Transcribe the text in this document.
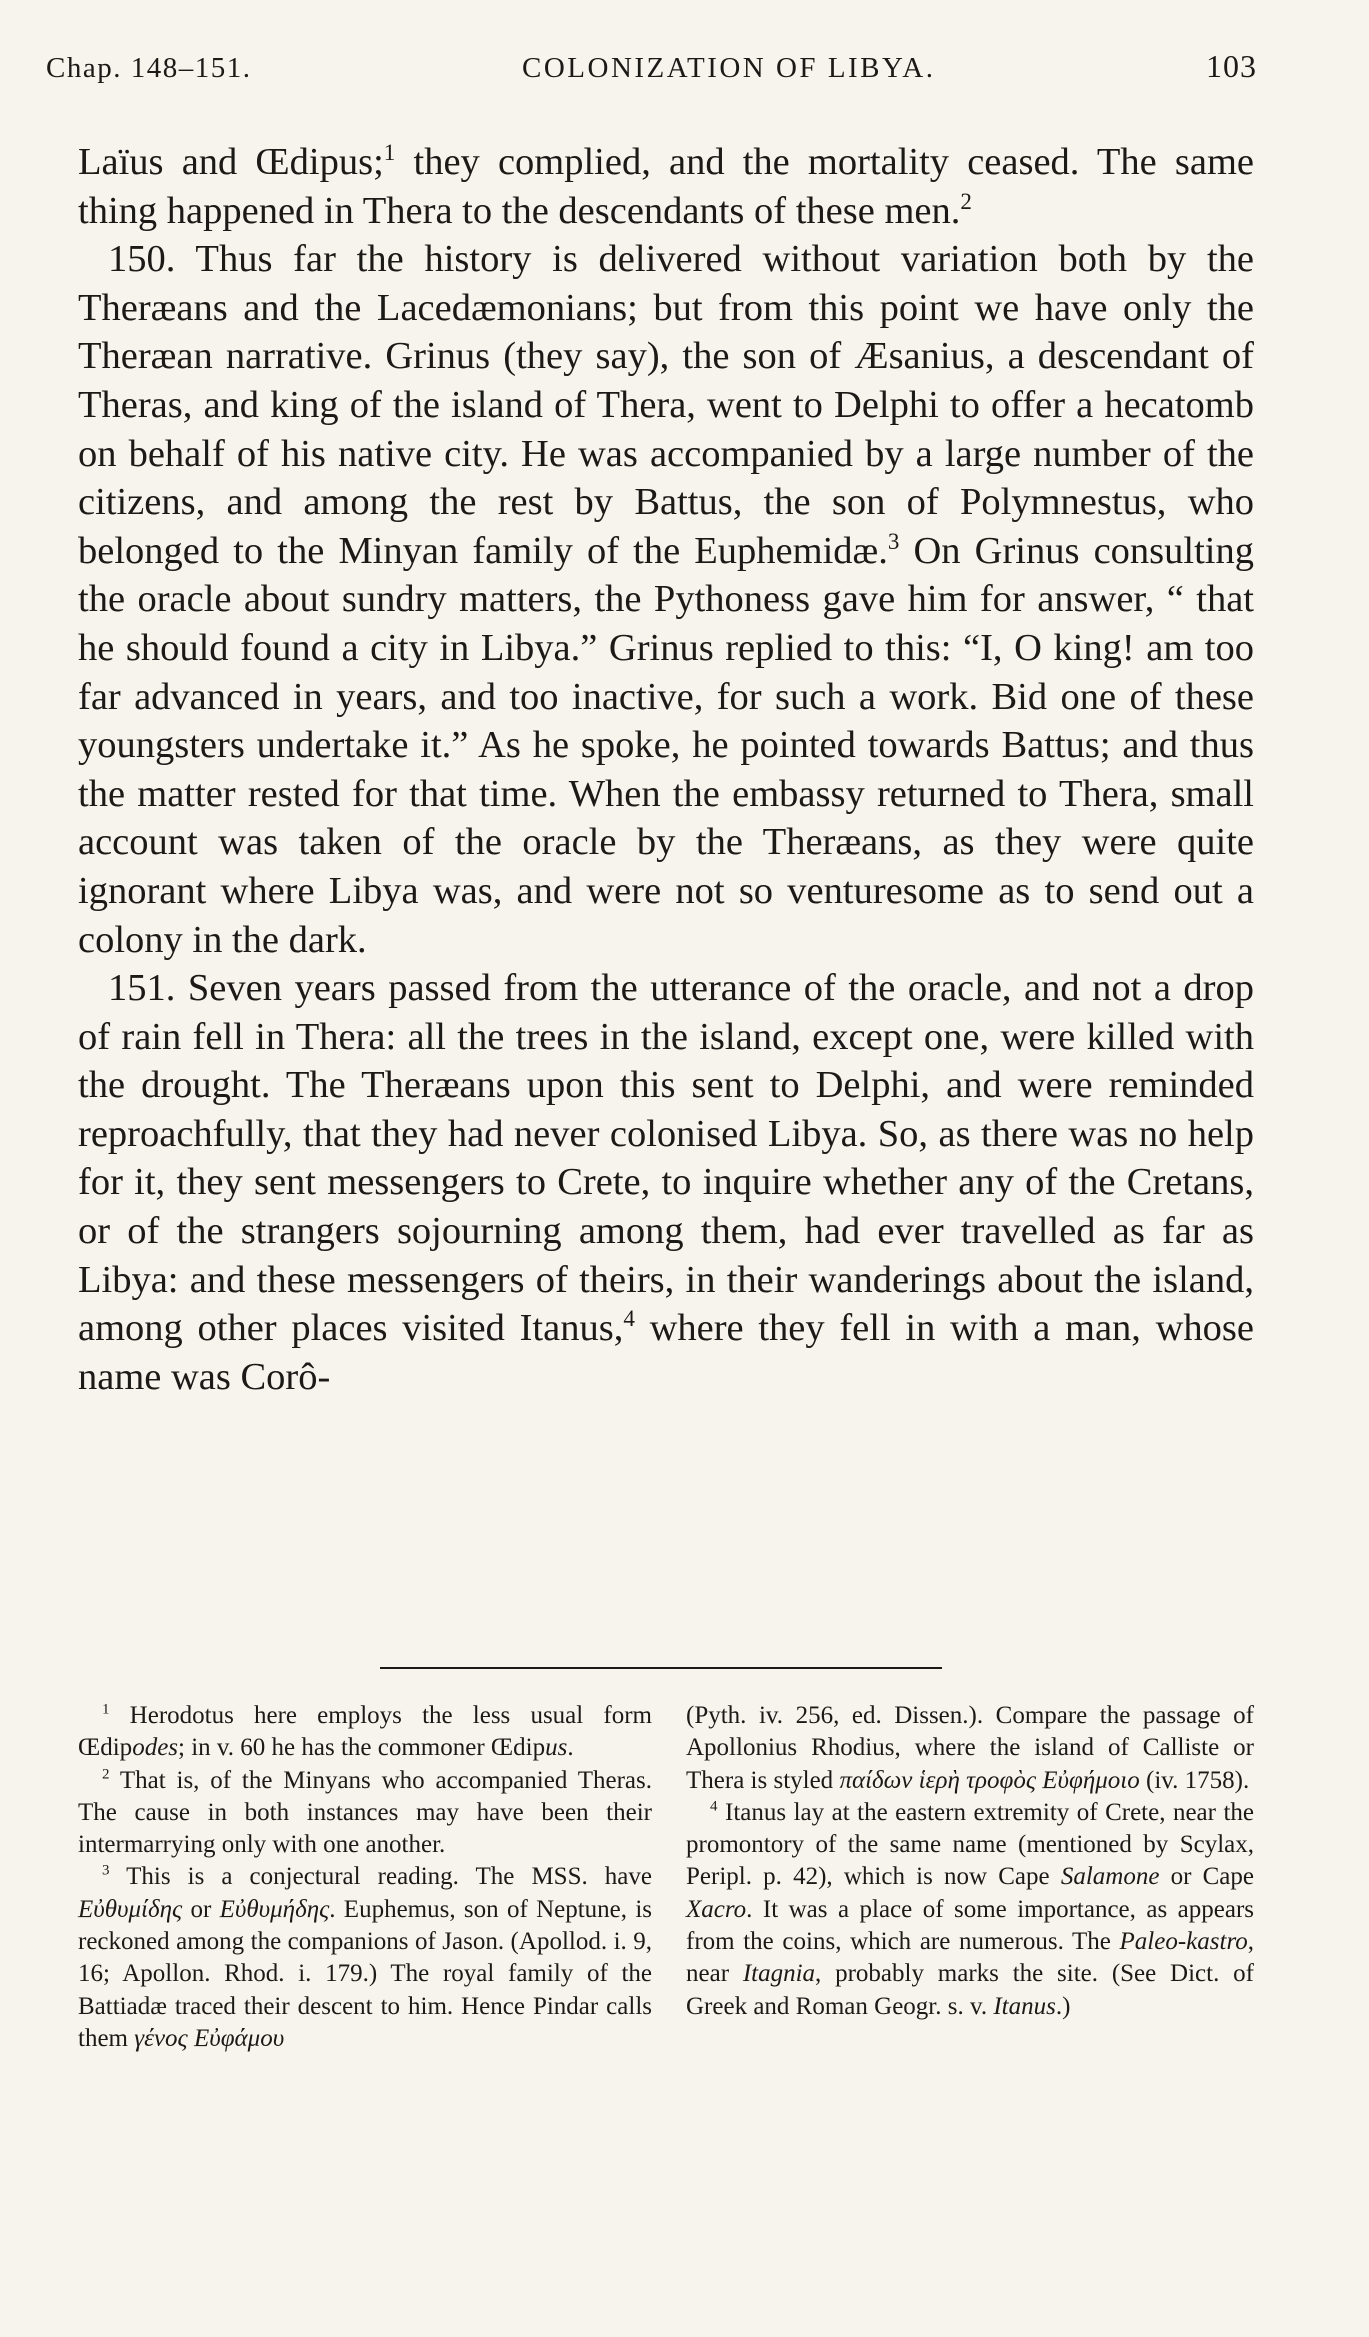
Chap. 148–151.	COLONIZATION OF LIBYA.	103

Laïus and Œdipus;$^1$ they complied, and the mortality ceased. The same thing happened in Thera to the descendants of these men.$^2$

150. Thus far the history is delivered without variation both by the Theræans and the Lacedæmonians; but from this point we have only the Theræan narrative. Grinus (they say), the son of Æsanius, a descendant of Theras, and king of the island of Thera, went to Delphi to offer a hecatomb on behalf of his native city. He was accompanied by a large number of the citizens, and among the rest by Battus, the son of Polymnestus, who belonged to the Minyan family of the Euphemidæ.$^3$ On Grinus consulting the oracle about sundry matters, the Pythoness gave him for answer, “ that he should found a city in Libya.” Grinus replied to this: “I, O king! am too far advanced in years, and too inactive, for such a work. Bid one of these youngsters undertake it.” As he spoke, he pointed towards Battus; and thus the matter rested for that time. When the embassy returned to Thera, small account was taken of the oracle by the Theræans, as they were quite ignorant where Libya was, and were not so venturesome as to send out a colony in the dark.

151. Seven years passed from the utterance of the oracle, and not a drop of rain fell in Thera: all the trees in the island, except one, were killed with the drought. The Theræans upon this sent to Delphi, and were reminded reproachfully, that they had never colonised Libya. So, as there was no help for it, they sent messengers to Crete, to inquire whether any of the Cretans, or of the strangers sojourning among them, had ever travelled as far as Libya: and these messengers of theirs, in their wanderings about the island, among other places visited Itanus,$^4$ where they fell in with a man, whose name was Corô-

$^1$ Herodotus here employs the less usual form Œdipodes; in v. 60 he has the commoner Œdipus.

$^2$ That is, of the Minyans who accompanied Theras. The cause in both instances may have been their intermarrying only with one another.

$^3$ This is a conjectural reading. The MSS. have Εὐθυμίδης or Εὐθυμήδης. Euphemus, son of Neptune, is reckoned among the companions of Jason. (Apollod. i. 9, 16; Apollon. Rhod. i. 179.) The royal family of the Battiadæ traced their descent to him. Hence Pindar calls them γένος Εὐφάμου

(Pyth. iv. 256, ed. Dissen.). Compare the passage of Apollonius Rhodius, where the island of Calliste or Thera is styled παίδων ἱερὴ τροφὸς Εὐφήμοιο (iv. 1758).

$^4$ Itanus lay at the eastern extremity of Crete, near the promontory of the same name (mentioned by Scylax, Peripl. p. 42), which is now Cape Salamone or Cape Xacro. It was a place of some importance, as appears from the coins, which are numerous. The Paleo-kastro, near Itagnia, probably marks the site. (See Dict. of Greek and Roman Geogr. s. v. Itanus.)
